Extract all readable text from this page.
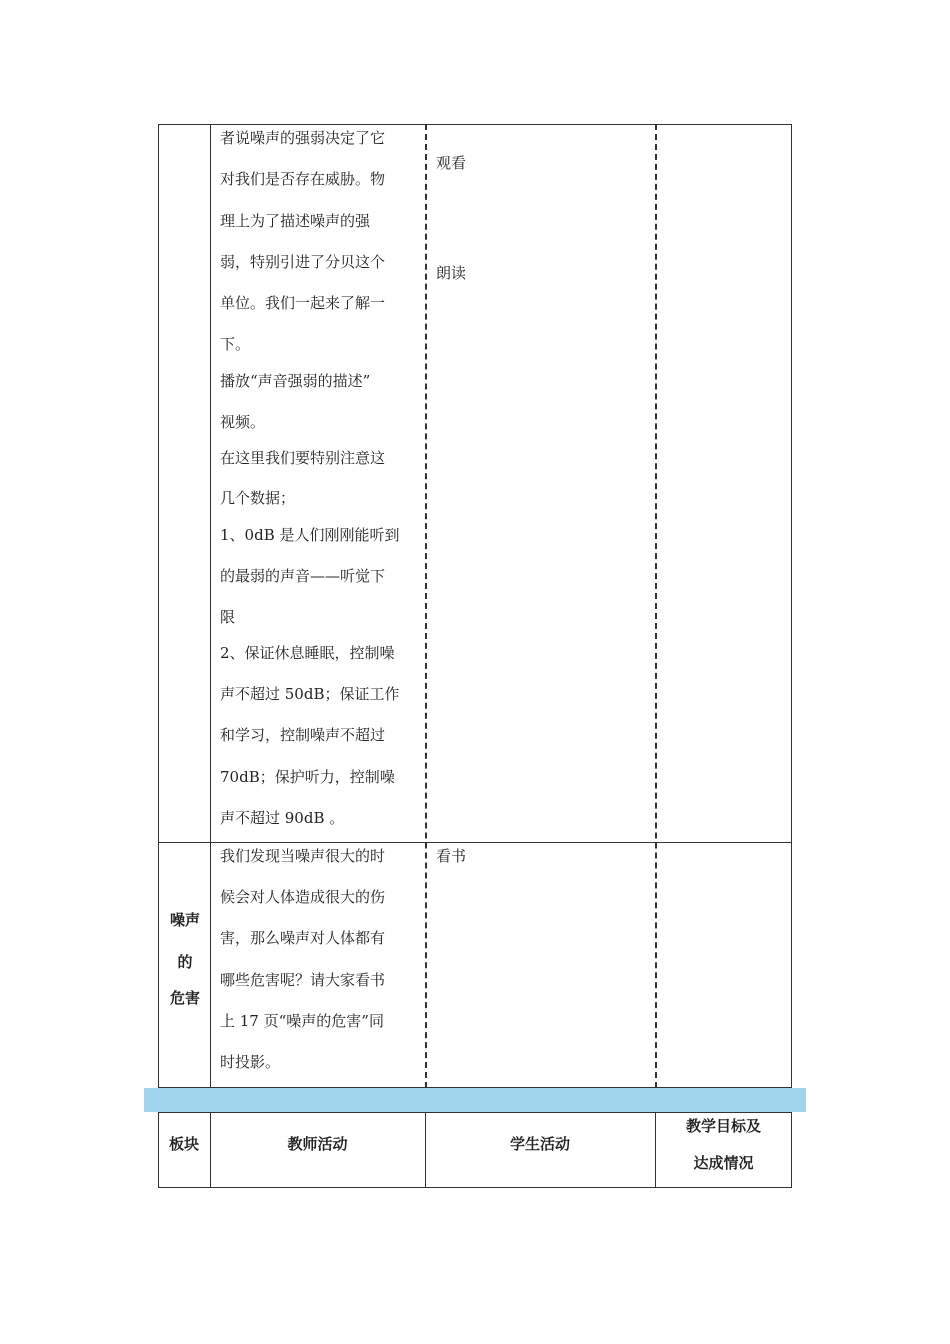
者说噪声的强弱决定了它
对我们是否存在威胁。物
理上为了描述噪声的强
弱，特别引进了分贝这个
单位。我们一起来了解一
下。
播放“声音强弱的描述”
视频。
在这里我们要特别注意这
几个数据；
1、0dB 是人们刚刚能听到
的最弱的声音——听觉下
限
2、保证休息睡眠，控制噪
声不超过 50dB；保证工作
和学习，控制噪声不超过
70dB；保护听力，控制噪
声不超过 90dB 。
观看
朗读
噪声
的
危害
我们发现当噪声很大的时
候会对人体造成很大的伤
害，那么噪声对人体都有
哪些危害呢？请大家看书
上 17 页“噪声的危害”同
时投影。
看书
板块	教师活动	学生活动
教学目标及
达成情况
